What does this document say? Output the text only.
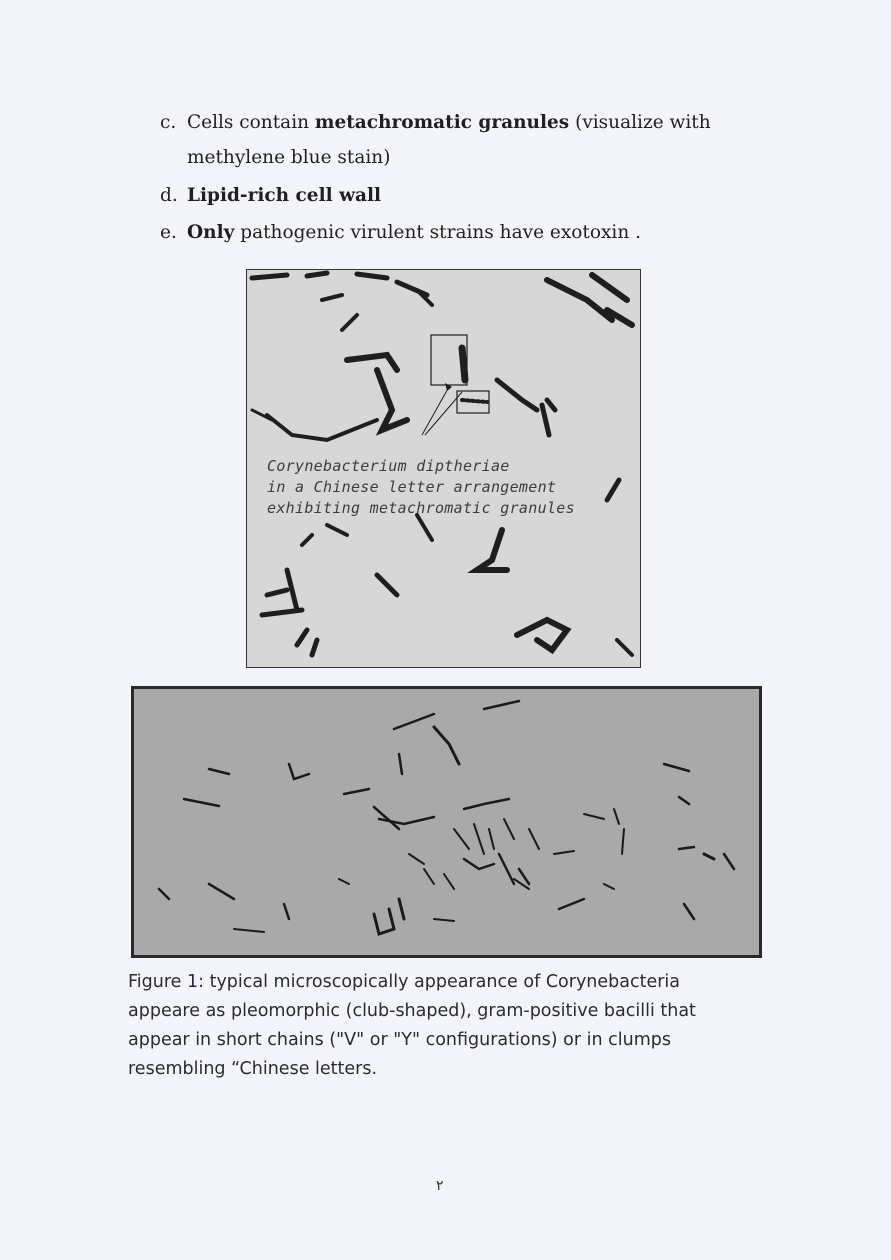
c. Cells contain metachromatic granules (visualize with
methylene blue stain)
d. Lipid-rich cell wall
e. Only pathogenic virulent strains have exotoxin .
Corynebacterium diptheriae
in a Chinese letter arrangement
exhibiting metachromatic granules
Figure 1: typical microscopically appearance of Corynebacteria
appeare as pleomorphic (club-shaped), gram-positive bacilli that
appear in short chains ("V" or "Y" configurations) or in clumps
resembling “Chinese letters.
٢
